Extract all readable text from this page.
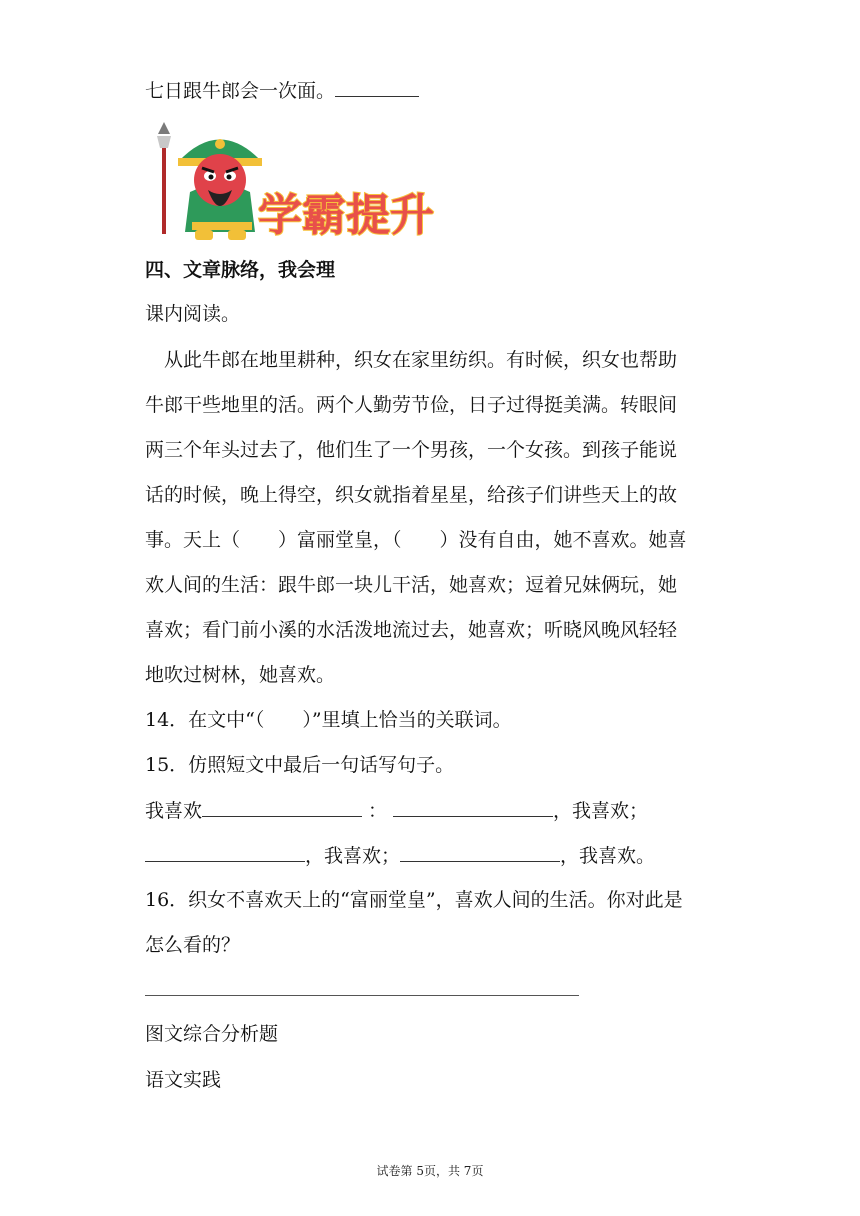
七日跟牛郎会一次面。
学霸提升
四、文章脉络，我会理
课内阅读。
　从此牛郎在地里耕种，织女在家里纺织。有时候，织女也帮助
牛郎干些地里的活。两个人勤劳节俭，日子过得挺美满。转眼间
两三个年头过去了，他们生了一个男孩，一个女孩。到孩子能说
话的时候，晚上得空，织女就指着星星，给孩子们讲些天上的故
事。天上（　　）富丽堂皇，（　　）没有自由，她不喜欢。她喜
欢人间的生活：跟牛郎一块儿干活，她喜欢；逗着兄妹俩玩，她
喜欢；看门前小溪的水活泼地流过去，她喜欢；听晓风晚风轻轻
地吹过树林，她喜欢。
14．在文中“（　　）”里填上恰当的关联词。
15．仿照短文中最后一句话写句子。
我喜欢	：	，我喜欢；
，我喜欢；	，我喜欢。
16．织女不喜欢天上的“富丽堂皇”，喜欢人间的生活。你对此是
怎么看的？
图文综合分析题
语文实践
试卷第 5页，共 7页
